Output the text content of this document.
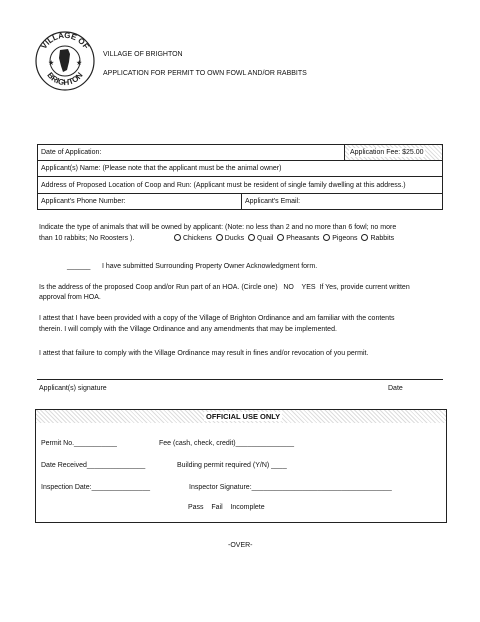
VILLAGE OF
BRIGHTON
★	★
VILLAGE OF BRIGHTON
APPLICATION FOR PERMIT TO OWN FOWL AND/OR RABBITS
Date of Application:	Application Fee: $25.00
Applicant(s) Name: (Please note that the applicant must be the animal owner)
Address of Proposed Location of Coop and Run: (Applicant must be resident of single family dwelling at this address.)
Applicant's Phone Number:	Applicant's Email:
Indicate the type of animals that will be owned by applicant: (Note: no less than 2 and no more than 6 fowl; no more
than 10 rabbits; No Roosters ).	Chickens Ducks Quail Pheasants Pigeons Rabbits
______ I have submitted Surrounding Property Owner Acknowledgment form.
Is the address of the proposed Coop and/or Run part of an HOA. (Circle one) NO YES If Yes, provide current written
approval from HOA.
I attest that I have been provided with a copy of the Village of Brighton Ordinance and am familiar with the contents
therein. I will comply with the Village Ordinance and any amendments that may be implemented.
I attest that failure to comply with the Village Ordinance may result in fines and/or revocation of you permit.
Applicant(s) signature	Date
OFFICIAL USE ONLY
Permit No.___________	Fee (cash, check, credit)_______________
Date Received_______________	Building permit required (Y/N) ____
Inspection Date:_______________	Inspector Signature:____________________________________
Pass Fail Incomplete
-OVER-
